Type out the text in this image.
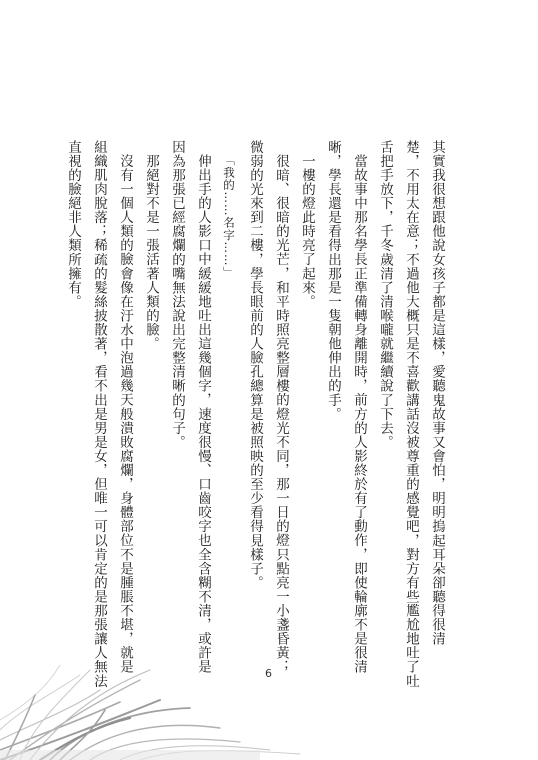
其實我很想跟他說女孩子都是這樣，愛聽鬼故事又會怕，明明摀起耳朵卻聽得很清
楚，不用太在意；不過他大概只是不喜歡講話沒被尊重的感覺吧，對方有些尷尬地吐了吐
舌把手放下，千冬歲清了清喉嚨就繼續說了下去。
當故事中那名學長正準備轉身離開時，前方的人影終於有了動作，即使輪廓不是很清
晰，學長還是看得出那是一隻朝他伸出的手。
一樓的燈此時亮了起來。
很暗、很暗的光芒，和平時照亮整層樓的燈光不同，那一日的燈只點亮一小盞昏黃；
微弱的光來到二樓，學長眼前的人臉孔總算是被照映的至少看得見樣子。
「我的……名字……」
伸出手的人影口中緩緩地吐出這幾個字，速度很慢、口齒咬字也全含糊不清，或許是
因為那張已經腐爛的嘴無法說出完整清晰的句子。
那絕對不是一張活著人類的臉。
沒有一個人類的臉會像在汙水中泡過幾天般潰敗腐爛，身體部位不是腫脹不堪，就是
組織肌肉脫落；稀疏的髮絲披散著，看不出是男是女，但唯一可以肯定的是那張讓人無法
直視的臉絕非人類所擁有。
6
